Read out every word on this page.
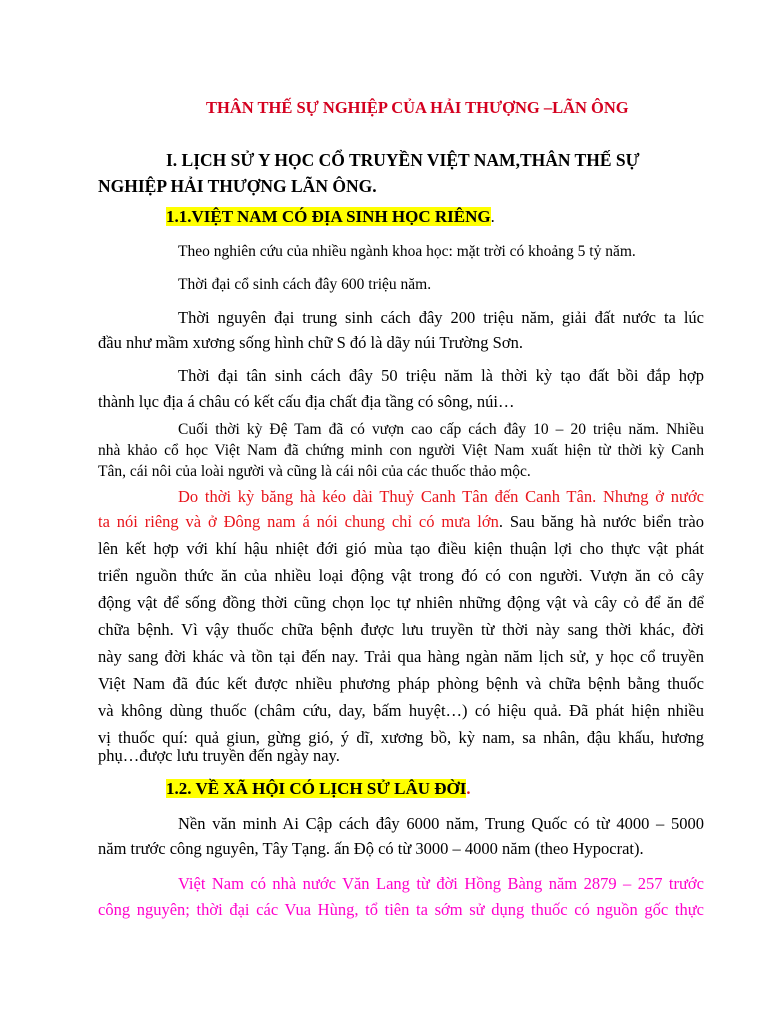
THÂN THẾ SỰ NGHIỆP CỦA HẢI THƯỢNG –LÃN ÔNG
I. LỊCH SỬ Y HỌC CỔ TRUYỀN VIỆT NAM,THÂN THẾ SỰ
NGHIỆP HẢI THƯỢNG LÃN ÔNG.
1.1.VIỆT NAM CÓ ĐỊA SINH HỌC RIÊNG.
Theo nghiên cứu của nhiều ngành khoa học: mặt trời có khoảng 5 tỷ năm.
Thời đại cổ sinh cách đây 600 triệu năm.
Thời nguyên đại trung sinh cách đây 200 triệu năm, giải đất nước ta lúc
đầu như mầm xương sống hình chữ S đó là dãy núi Trường Sơn.
Thời đại tân sinh cách đây 50 triệu năm là thời kỳ tạo đất bồi đắp hợp
thành lục địa á châu có kết cấu địa chất địa tầng có sông, núi…
Cuối thời kỳ Đệ Tam đã có vượn cao cấp cách đây 10 – 20 triệu năm. Nhiều
nhà khảo cổ học Việt Nam đã chứng minh con người Việt Nam xuất hiện từ thời kỳ Canh
Tân, cái nôi của loài người và cũng là cái nôi của các thuốc thảo mộc.
Do thời kỳ băng hà kéo dài Thuỷ Canh Tân đến Canh Tân. Nhưng ở nước
ta nói riêng và ở Đông nam á nói chung chỉ có mưa lớn. Sau băng hà nước biển trào
lên kết hợp với khí hậu nhiệt đới gió mùa tạo điều kiện thuận lợi cho thực vật phát
triển nguồn thức ăn của nhiều loại động vật trong đó có con người. Vượn ăn cỏ cây
động vật để sống đồng thời cũng chọn lọc tự nhiên những động vật và cây cỏ để ăn để
chữa bệnh. Vì vậy thuốc chữa bệnh được lưu truyền từ thời này sang thời khác, đời
này sang đời khác và tồn tại đến nay. Trải qua hàng ngàn năm lịch sử, y học cổ truyền
Việt Nam đã đúc kết được nhiều phương pháp phòng bệnh và chữa bệnh bằng thuốc
và không dùng thuốc (châm cứu, day, bấm huyệt…) có hiệu quả. Đã phát hiện nhiều
vị thuốc quí: quả giun, gừng gió, ý dĩ, xương bồ, kỳ nam, sa nhân, đậu khấu, hương
phụ…được lưu truyền đến ngày nay.
1.2. VỀ XÃ HỘI CÓ LỊCH SỬ LÂU ĐỜI.
Nền văn minh Ai Cập cách đây 6000 năm, Trung Quốc có từ 4000 – 5000
năm trước công nguyên, Tây Tạng. ấn Độ có từ 3000 – 4000 năm (theo Hypocrat).
Việt Nam có nhà nước Văn Lang từ đời Hồng Bàng năm 2879 – 257 trước
công nguyên; thời đại các Vua Hùng, tổ tiên ta sớm sử dụng thuốc có nguồn gốc thực
